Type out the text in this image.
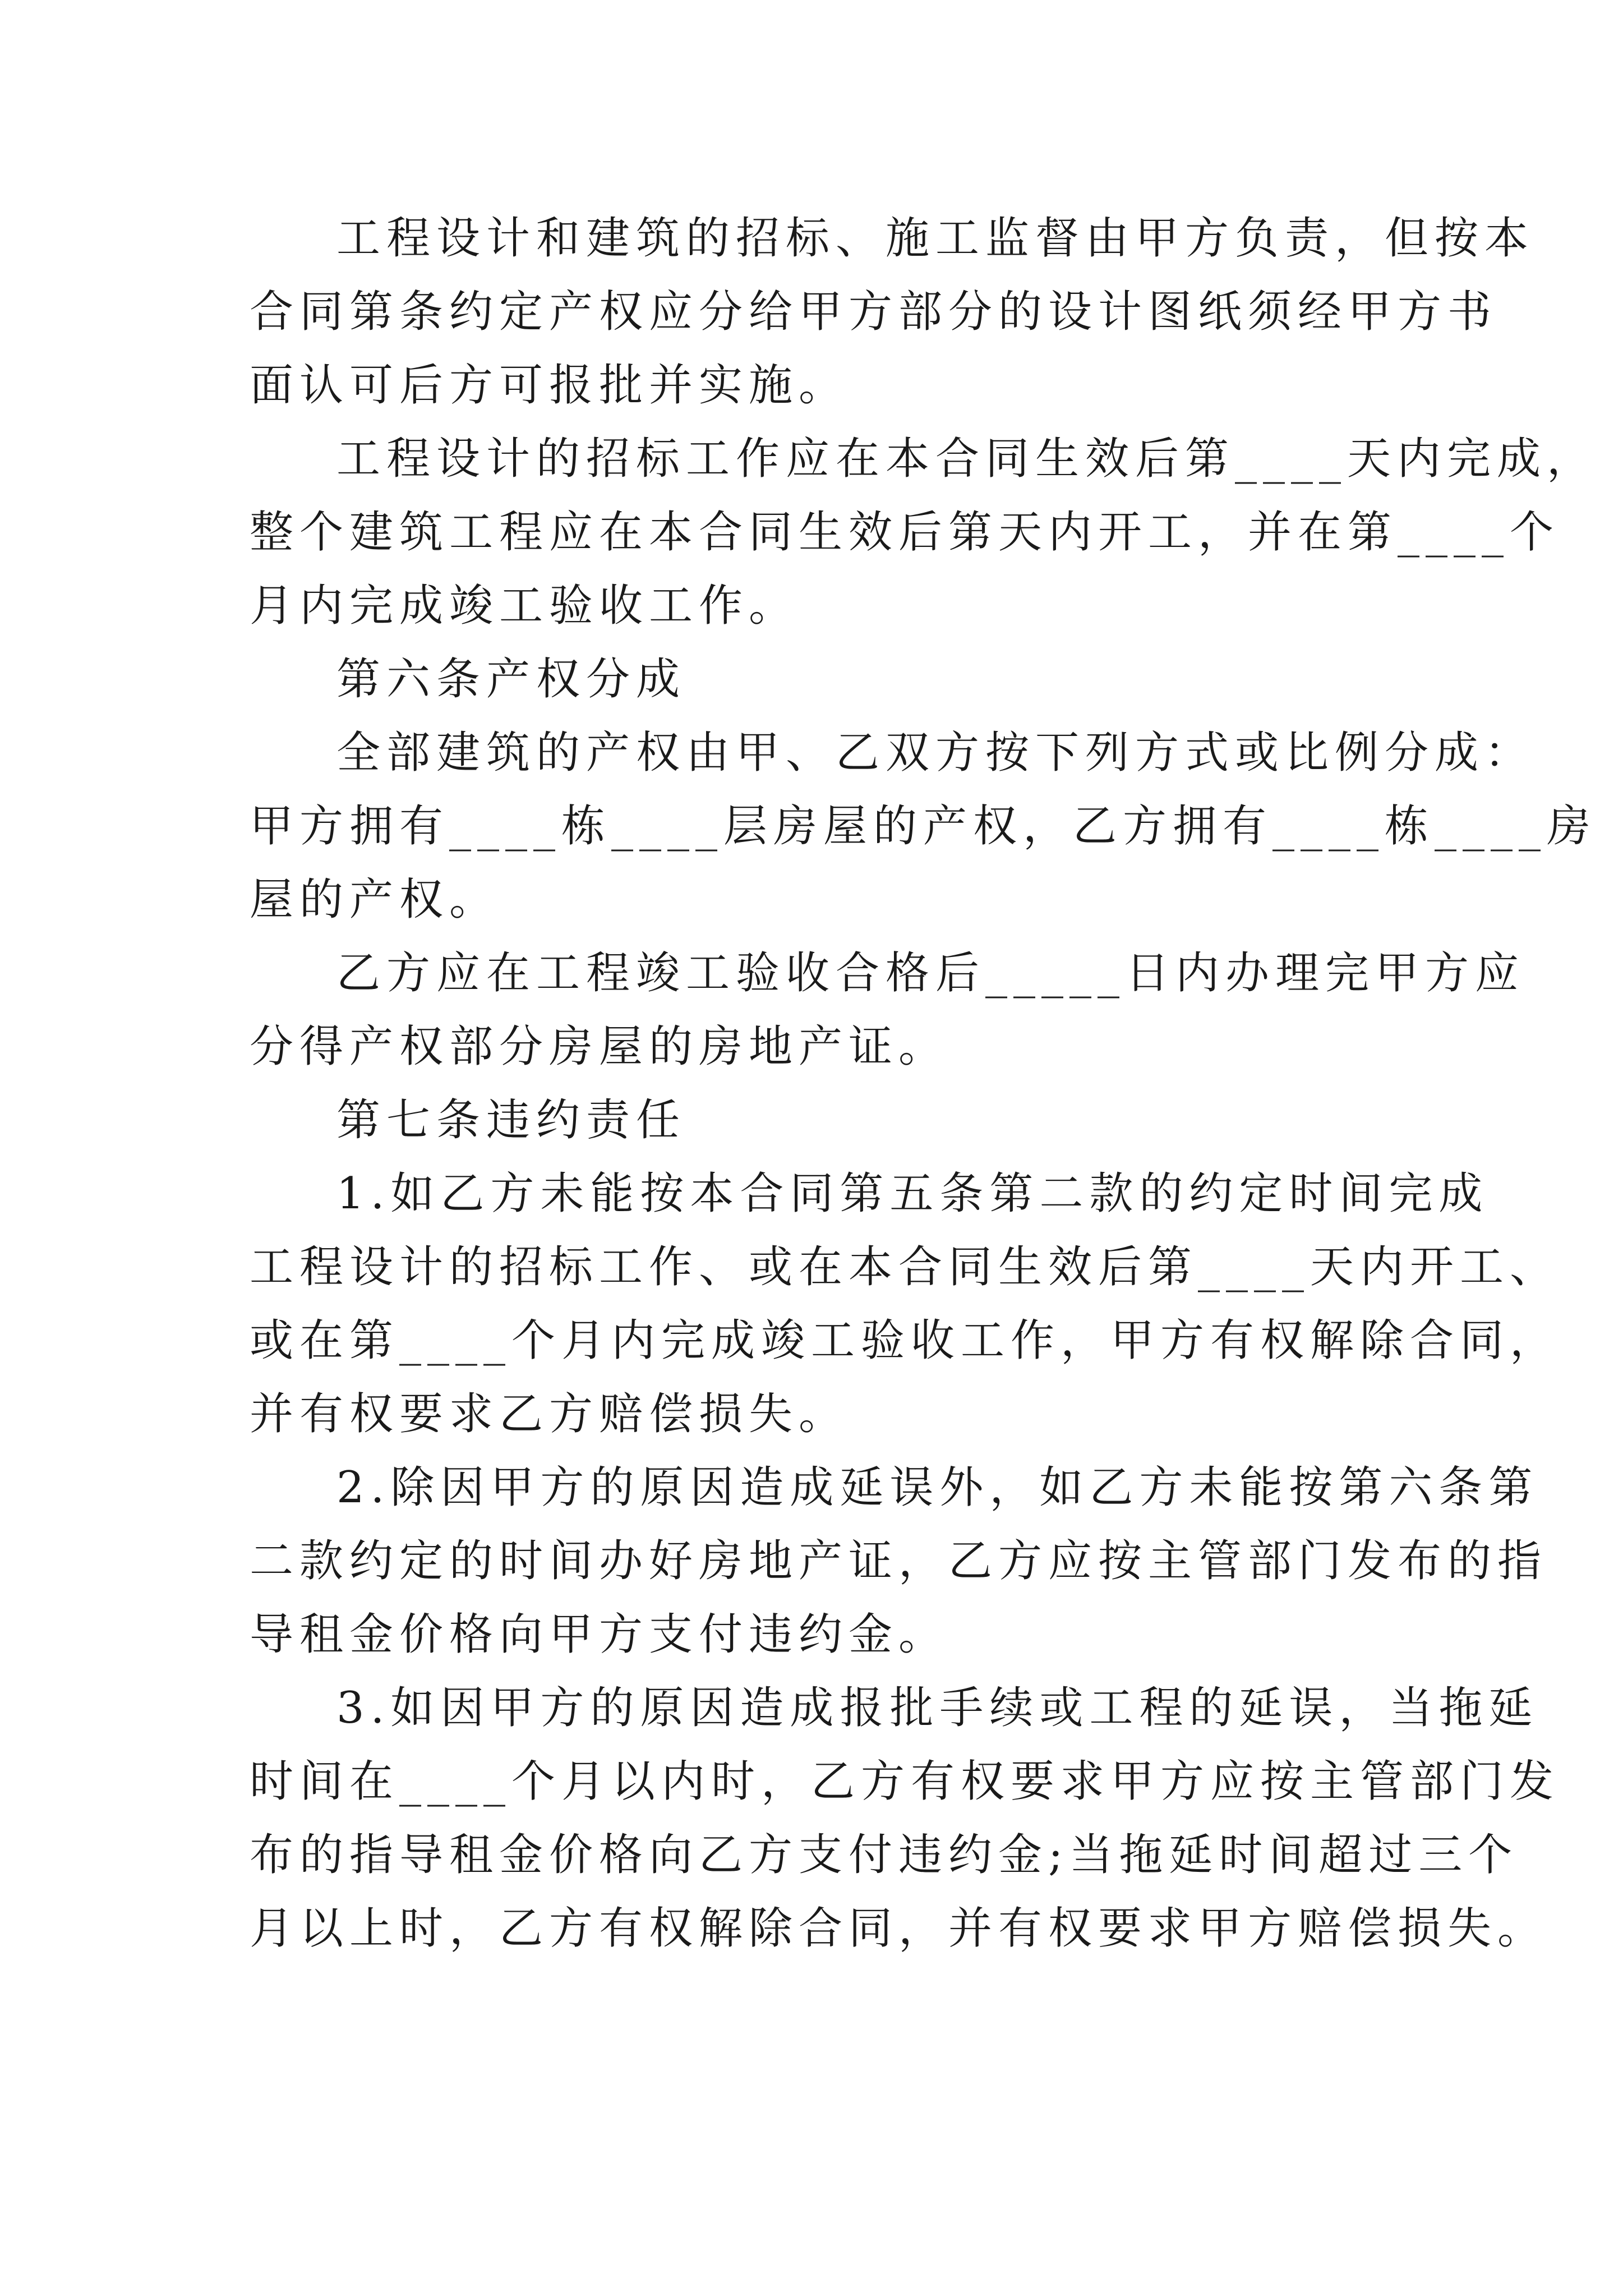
工程设计和建筑的招标、施工监督由甲方负责，但按本
合同第条约定产权应分给甲方部分的设计图纸须经甲方书
面认可后方可报批并实施。
工程设计的招标工作应在本合同生效后第____天内完成，
整个建筑工程应在本合同生效后第天内开工，并在第____个
月内完成竣工验收工作。
第六条产权分成
全部建筑的产权由甲、乙双方按下列方式或比例分成：
甲方拥有____栋____层房屋的产权，乙方拥有____栋____房
屋的产权。
乙方应在工程竣工验收合格后_____日内办理完甲方应
分得产权部分房屋的房地产证。
第七条违约责任
1.如乙方未能按本合同第五条第二款的约定时间完成
工程设计的招标工作、或在本合同生效后第____天内开工、
或在第____个月内完成竣工验收工作，甲方有权解除合同，
并有权要求乙方赔偿损失。
2.除因甲方的原因造成延误外，如乙方未能按第六条第
二款约定的时间办好房地产证，乙方应按主管部门发布的指
导租金价格向甲方支付违约金。
3.如因甲方的原因造成报批手续或工程的延误，当拖延
时间在____个月以内时，乙方有权要求甲方应按主管部门发
布的指导租金价格向乙方支付违约金;当拖延时间超过三个
月以上时，乙方有权解除合同，并有权要求甲方赔偿损失。
